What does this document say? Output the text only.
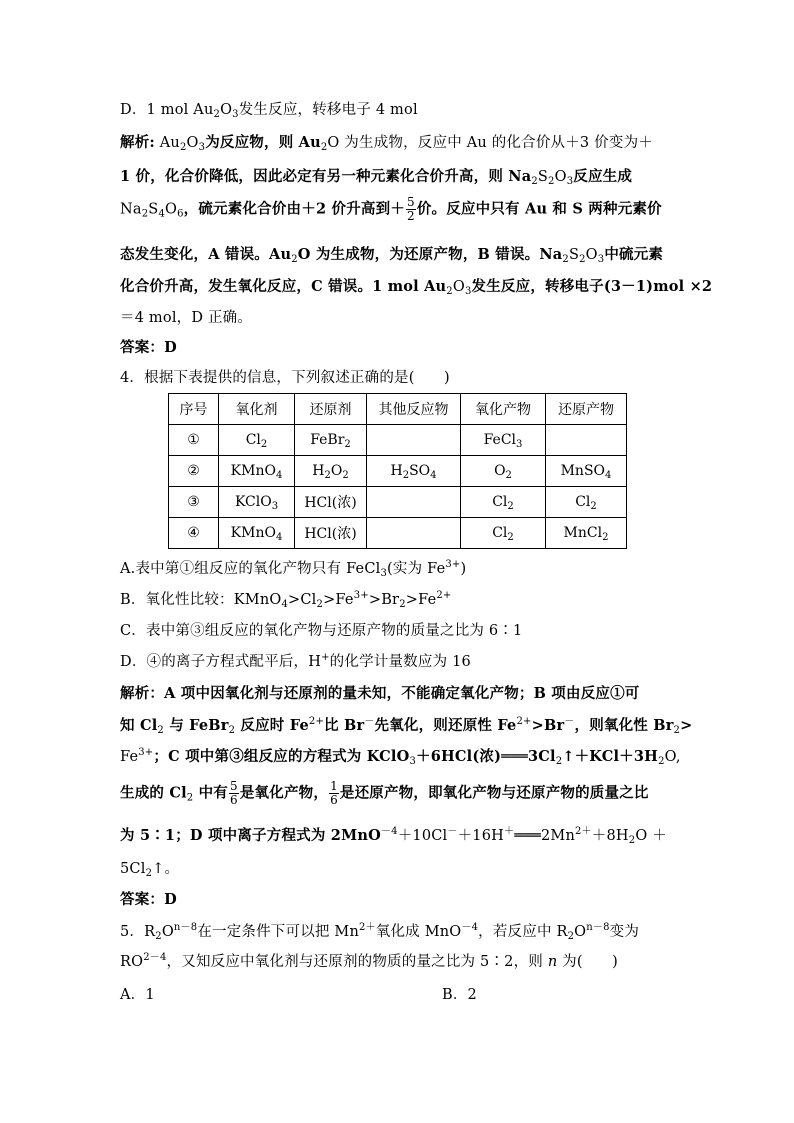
D．1 mol $Au_2O_3$发生反应，转移电子 4 mol
解析: $Au_2O_3$为反应物，则 $Au_2O$ 为生成物，反应中 Au 的化合价从＋3 价变为＋
1 价，化合价降低，因此必定有另一种元素化合价升高，则 $Na_2S_2O_3$反应生成
$Na_2S_4O_6$，硫元素化合价由＋2 价升高到＋ $\frac{5}{2}$ 价。反应中只有 Au 和 S 两种元素价
态发生变化，A 错误。$Au_2O$ 为生成物，为还原产物，B 错误。$Na_2S_2O_3$中硫元素
化合价升高，发生氧化反应，C 错误。1 mol $Au_2O_3$发生反应，转移电子(3－1)mol ×2
＝4 mol，D 正确。
答案：D
4．根据下表提供的信息，下列叙述正确的是(　　)
序号	氧化剂	还原剂	其他反应物	氧化产物	还原产物
①	$Cl_2$	FeBr$_2$		FeCl$_3$	
②	KMnO$_4$	$H_2O_2$	$H_2SO_4$	$O_2$	MnSO$_4$
③	KClO$_3$	HCl(浓)		$Cl_2$	$Cl_2$
④	KMnO$_4$	HCl(浓)		$Cl_2$	MnCl$_2$
A.表中第①组反应的氧化产物只有 FeCl$_3$(实为 $Fe^{3+}$)
B．氧化性比较：$KMnO_4>Cl_2>Fe^{3+}>Br_2>Fe^{2+}$
C．表中第③组反应的氧化产物与还原产物的质量之比为 6∶1
D．④的离子方程式配平后，H+的化学计量数应为 16
解析：A 项中因氧化剂与还原剂的量未知，不能确定氧化产物；B 项由反应①可
知 $Cl_2$ 与 FeBr$_2$ 反应时 $Fe^{2+}$比 Br－先氧化，则还原性 $Fe^{2+}>Br^-$，则氧化性 $Br_2>$
$Fe^{3+}$；C 项中第③组反应的方程式为 KClO$_3$＋6HCl(浓)$═══3Cl_2↑+KCl+3H_2O$,
生成的 $Cl_2$ 中有 $\frac{5}{6}$ 是氧化产物， $\frac{1}{6}$ 是还原产物，即氧化产物与还原产物的质量之比
为 5∶1；D 项中离子方程式为 $2MnO^{-4}+10Cl^-+16H^+═══2Mn^{2+}+8H_2O$ ＋
$5Cl_2↑$。
答案：D
5．$R_2O^{n-8}$在一定条件下可以把 $Mn^{2+}$氧化成 MnO$^{-4}$，若反应中 $R_2O^{n-8}$变为
$RO^{2-4}$，又知反应中氧化剂与还原剂的物质的量之比为 5∶2，则 n 为(　　)
A．1	B．2
